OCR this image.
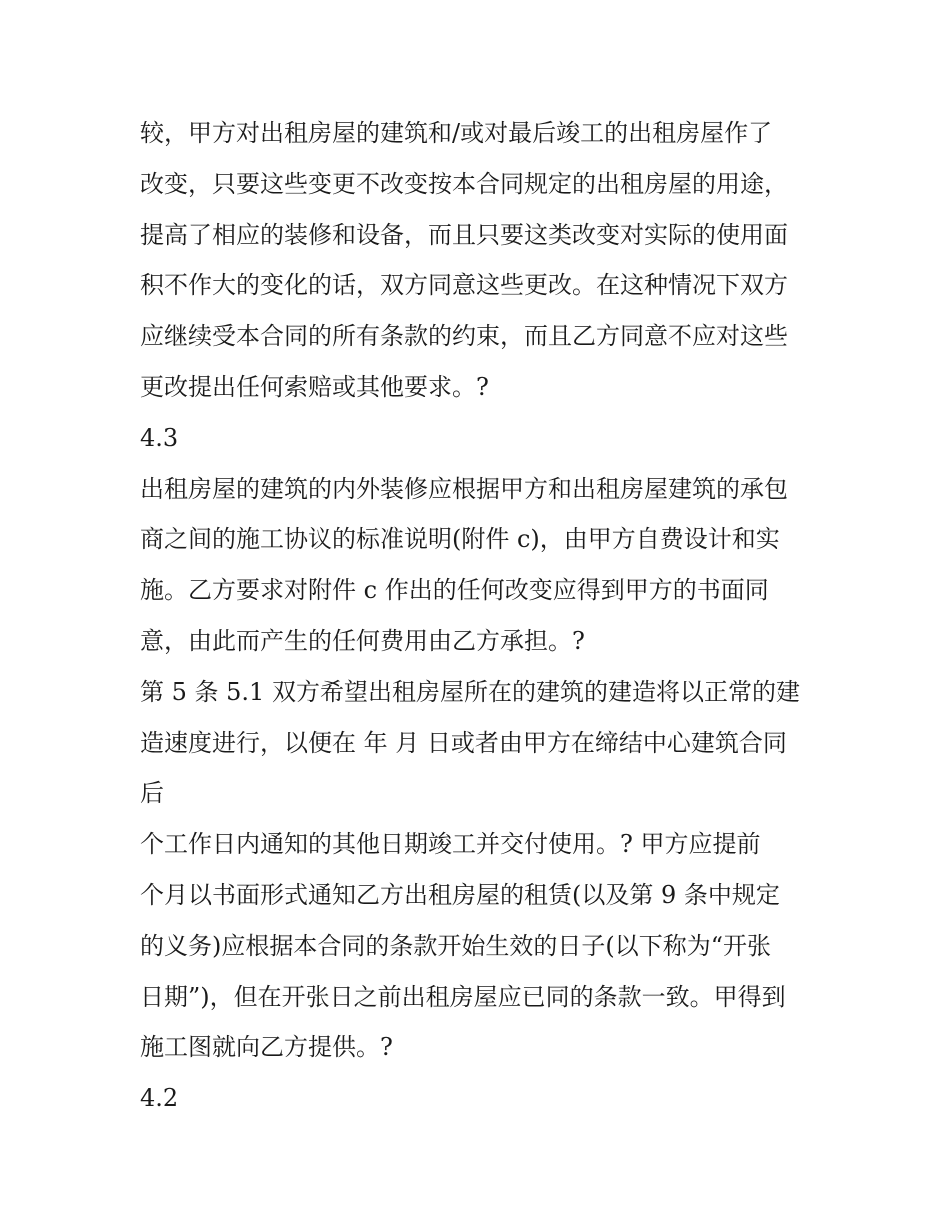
较，甲方对出租房屋的建筑和/或对最后竣工的出租房屋作了
改变，只要这些变更不改变按本合同规定的出租房屋的用途，
提高了相应的装修和设备，而且只要这类改变对实际的使用面
积不作大的变化的话，双方同意这些更改。在这种情况下双方
应继续受本合同的所有条款的约束，而且乙方同意不应对这些
更改提出任何索赔或其他要求。?
4.3
出租房屋的建筑的内外装修应根据甲方和出租房屋建筑的承包
商之间的施工协议的标准说明(附件 c)，由甲方自费设计和实
施。乙方要求对附件 c 作出的任何改变应得到甲方的书面同
意，由此而产生的任何费用由乙方承担。?
第 5 条 5.1 双方希望出租房屋所在的建筑的建造将以正常的建
造速度进行，以便在 年 月 日或者由甲方在缔结中心建筑合同
后
个工作日内通知的其他日期竣工并交付使用。? 甲方应提前
个月以书面形式通知乙方出租房屋的租赁(以及第 9 条中规定
的义务)应根据本合同的条款开始生效的日子(以下称为“开张
日期”)，但在开张日之前出租房屋应已同的条款一致。甲得到
施工图就向乙方提供。?
4.2
